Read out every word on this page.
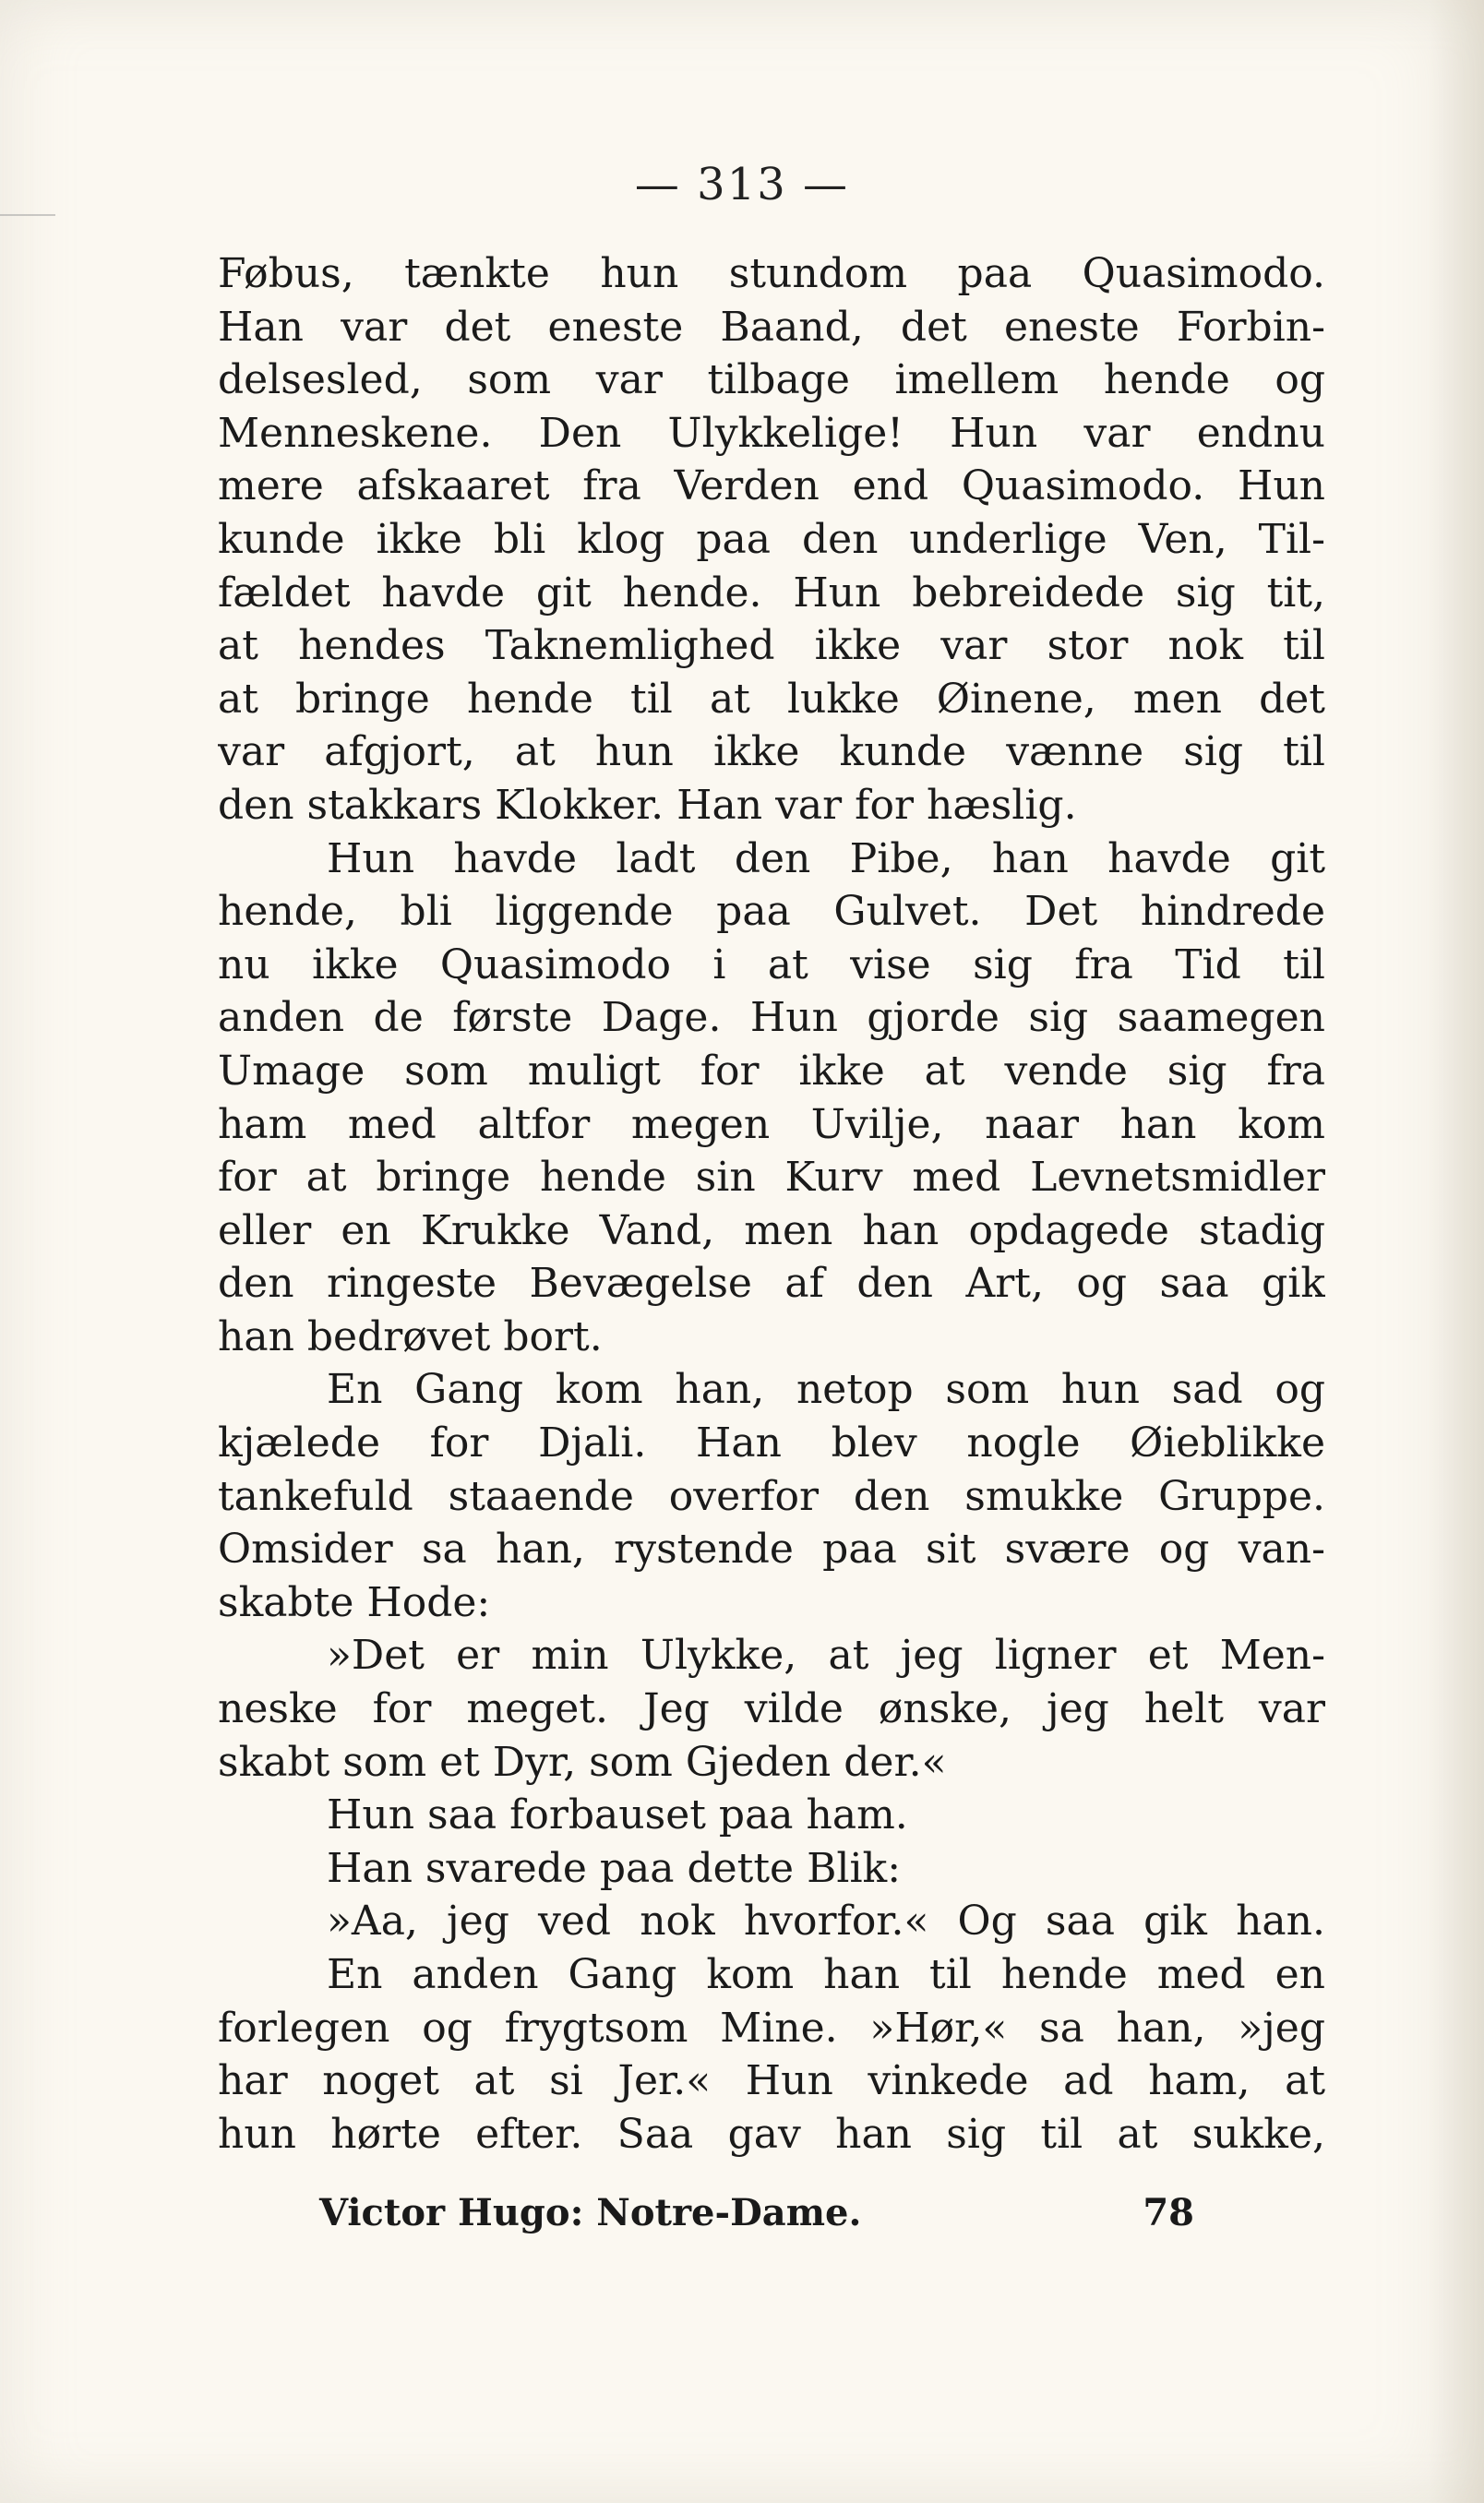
— 313 —
Føbus, tænkte hun stundom paa Quasimodo.
Han var det eneste Baand, det eneste Forbin-
delsesled, som var tilbage imellem hende og
Menneskene. Den Ulykkelige! Hun var endnu
mere afskaaret fra Verden end Quasimodo. Hun
kunde ikke bli klog paa den underlige Ven, Til-
fældet havde git hende. Hun bebreidede sig tit,
at hendes Taknemlighed ikke var stor nok til
at bringe hende til at lukke Øinene, men det
var afgjort, at hun ikke kunde vænne sig til
den stakkars Klokker. Han var for hæslig.
Hun havde ladt den Pibe, han havde git
hende, bli liggende paa Gulvet. Det hindrede
nu ikke Quasimodo i at vise sig fra Tid til
anden de første Dage. Hun gjorde sig saamegen
Umage som muligt for ikke at vende sig fra
ham med altfor megen Uvilje, naar han kom
for at bringe hende sin Kurv med Levnetsmidler
eller en Krukke Vand, men han opdagede stadig
den ringeste Bevægelse af den Art, og saa gik
han bedrøvet bort.
En Gang kom han, netop som hun sad og
kjælede for Djali. Han blev nogle Øieblikke
tankefuld staaende overfor den smukke Gruppe.
Omsider sa han, rystende paa sit svære og van-
skabte Hode:
»Det er min Ulykke, at jeg ligner et Men-
neske for meget. Jeg vilde ønske, jeg helt var
skabt som et Dyr, som Gjeden der.«
Hun saa forbauset paa ham.
Han svarede paa dette Blik:
»Aa, jeg ved nok hvorfor.« Og saa gik han.
En anden Gang kom han til hende med en
forlegen og frygtsom Mine. »Hør,« sa han, »jeg
har noget at si Jer.« Hun vinkede ad ham, at
hun hørte efter. Saa gav han sig til at sukke,
Victor Hugo: Notre-Dame.	78
